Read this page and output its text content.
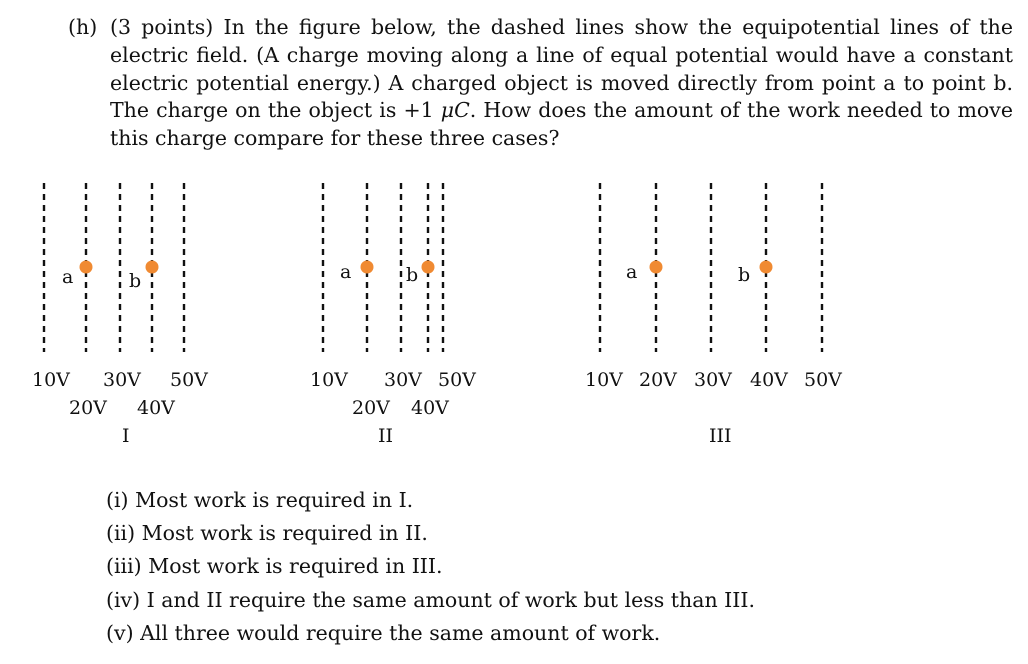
(h) (3 points) In the figure below, the dashed lines show the equipotential lines of the electric field. (A charge moving along a line of equal potential would have a constant electric potential energy.) A charged object is moved directly from point a to point b. The charge on the object is +1 μC. How does the amount of the work needed to move this charge compare for these three cases?
a	b
10V 30V 50V
20V 40V
I
a	b
10V 30V 50V
20V 40V
II
a	b
10V 20V 30V 40V 50V
III
(i) Most work is required in I.
(ii) Most work is required in II.
(iii) Most work is required in III.
(iv) I and II require the same amount of work but less than III.
(v) All three would require the same amount of work.
